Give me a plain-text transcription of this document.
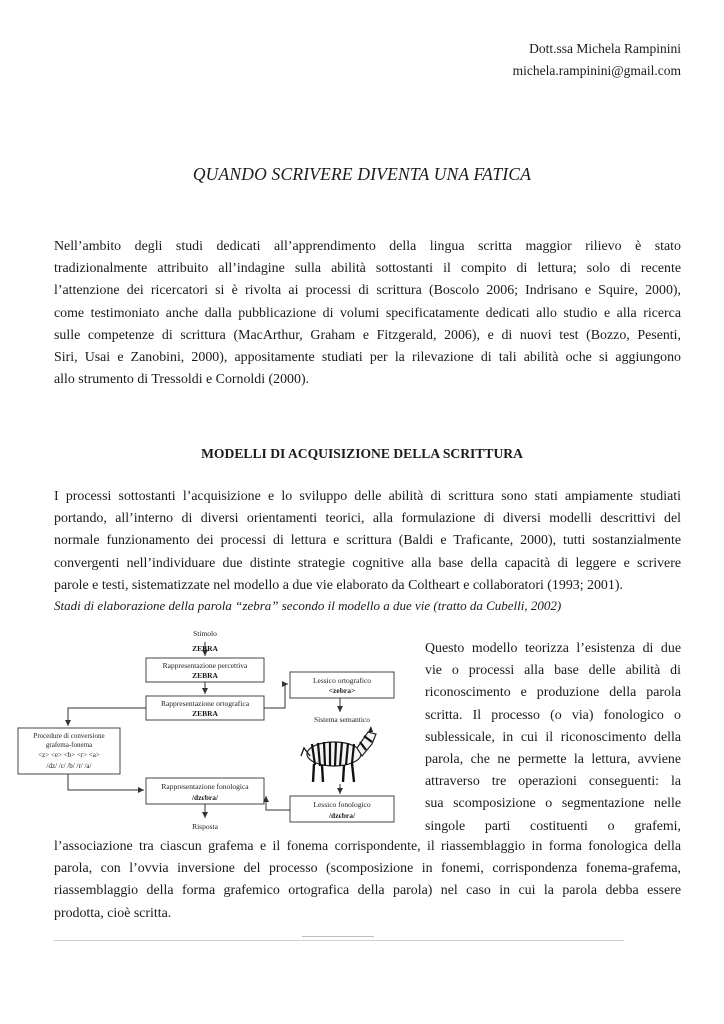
Dott.ssa Michela Rampinini
michela.rampinini@gmail.com
QUANDO SCRIVERE DIVENTA UNA FATICA
Nell’ambito degli studi dedicati all’apprendimento della lingua scritta maggior rilievo è stato
tradizionalmente attribuito all’indagine sulla abilità sottostanti il compito di lettura; solo di recente
l’attenzione dei ricercatori si è rivolta ai processi di scrittura (Boscolo 2006; Indrisano e Squire, 2000),
come testimoniato anche dalla pubblicazione di volumi specificatamente dedicati allo studio e alla ricerca
sulle competenze di scrittura (MacArthur, Graham e Fitzgerald, 2006), e di nuovi test (Bozzo, Pesenti,
Siri, Usai e Zanobini, 2000), appositamente studiati per la rilevazione di tali abilità oche si aggiungono
allo strumento di Tressoldi e Cornoldi (2000).
MODELLI DI ACQUISIZIONE DELLA SCRITTURA
I processi sottostanti l’acquisizione e lo sviluppo delle abilità di scrittura sono stati ampiamente studiati
portando, all’interno di diversi orientamenti teorici, alla formulazione di diversi modelli descrittivi del
normale funzionamento dei processi di lettura e scrittura (Baldi e Traficante, 2000), tutti sostanzialmente
convergenti nell’individuare due distinte strategie cognitive alla base della capacità di leggere e scrivere
parole e testi, sistematizzate nel modello a due vie elaborato da Coltheart e collaboratori (1993; 2001).
Stadi di elaborazione della parola “zebra” secondo il modello a due vie (tratto da Cubelli, 2002)
Stimolo
ZEBRA
Rappresentazione percettiva
ZEBRA
Rappresentazione ortografica
ZEBRA
Lessico ortografico
<zebra>
Sistema semantico
Procedure di conversione
grafema-fonema
<z> <e> <b> <r> <a>
/dz/ /ɛ/ /b/ /r/ /a/
Rappresentazione fonologica
/dzɛbra/
Lessico fonologico
/dzɛbra/
Risposta
Questo modello teorizza l’esistenza di due
vie o processi alla base delle abilità di
riconoscimento e produzione della parola
scritta. Il processo (o via) fonologico o
sublessicale, in cui il riconoscimento della
parola, che ne permette la lettura, avviene
attraverso tre operazioni conseguenti: la
sua scomposizione o segmentazione nelle
singole parti costituenti o grafemi,
l’associazione tra ciascun grafema e il fonema corrispondente, il riassemblaggio in forma fonologica della
parola, con l’ovvia inversione del processo (scomposizione in fonemi, corrispondenza fonema-grafema,
riassemblaggio della forma grafemico ortografica della parola) nel caso in cui la parola debba essere
prodotta, cioè scritta.
